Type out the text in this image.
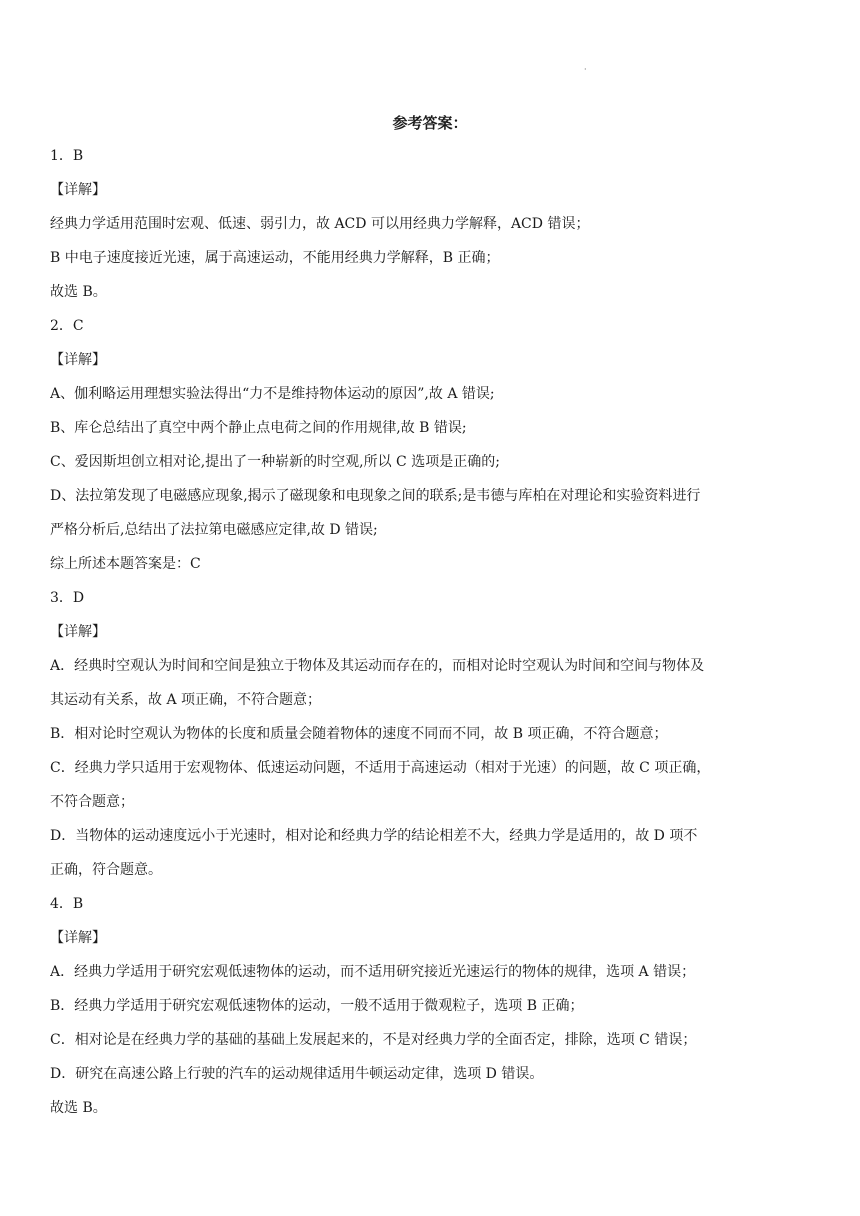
·
参考答案：
1．B
【详解】
经典力学适用范围时宏观、低速、弱引力，故 ACD 可以用经典力学解释，ACD 错误；
B 中电子速度接近光速，属于高速运动，不能用经典力学解释，B 正确；
故选 B。
2．C
【详解】
A、伽利略运用理想实验法得出“力不是维持物体运动的原因”,故 A 错误;
B、库仑总结出了真空中两个静止点电荷之间的作用规律,故 B 错误;
C、爱因斯坦创立相对论,提出了一种崭新的时空观,所以 C 选项是正确的;
D、法拉第发现了电磁感应现象,揭示了磁现象和电现象之间的联系;是韦德与库柏在对理论和实验资料进行
严格分析后,总结出了法拉第电磁感应定律,故 D 错误;
综上所述本题答案是：C
3．D
【详解】
A．经典时空观认为时间和空间是独立于物体及其运动而存在的，而相对论时空观认为时间和空间与物体及
其运动有关系，故 A 项正确，不符合题意；
B．相对论时空观认为物体的长度和质量会随着物体的速度不同而不同，故 B 项正确，不符合题意；
C．经典力学只适用于宏观物体、低速运动问题，不适用于高速运动（相对于光速）的问题，故 C 项正确，
不符合题意；
D．当物体的运动速度远小于光速时，相对论和经典力学的结论相差不大，经典力学是适用的，故 D 项不
正确，符合题意。
4．B
【详解】
A．经典力学适用于研究宏观低速物体的运动，而不适用研究接近光速运行的物体的规律，选项 A 错误；
B．经典力学适用于研究宏观低速物体的运动，一般不适用于微观粒子，选项 B 正确；
C．相对论是在经典力学的基础的基础上发展起来的，不是对经典力学的全面否定，排除，选项 C 错误；
D．研究在高速公路上行驶的汽车的运动规律适用牛顿运动定律，选项 D 错误。
故选 B。
